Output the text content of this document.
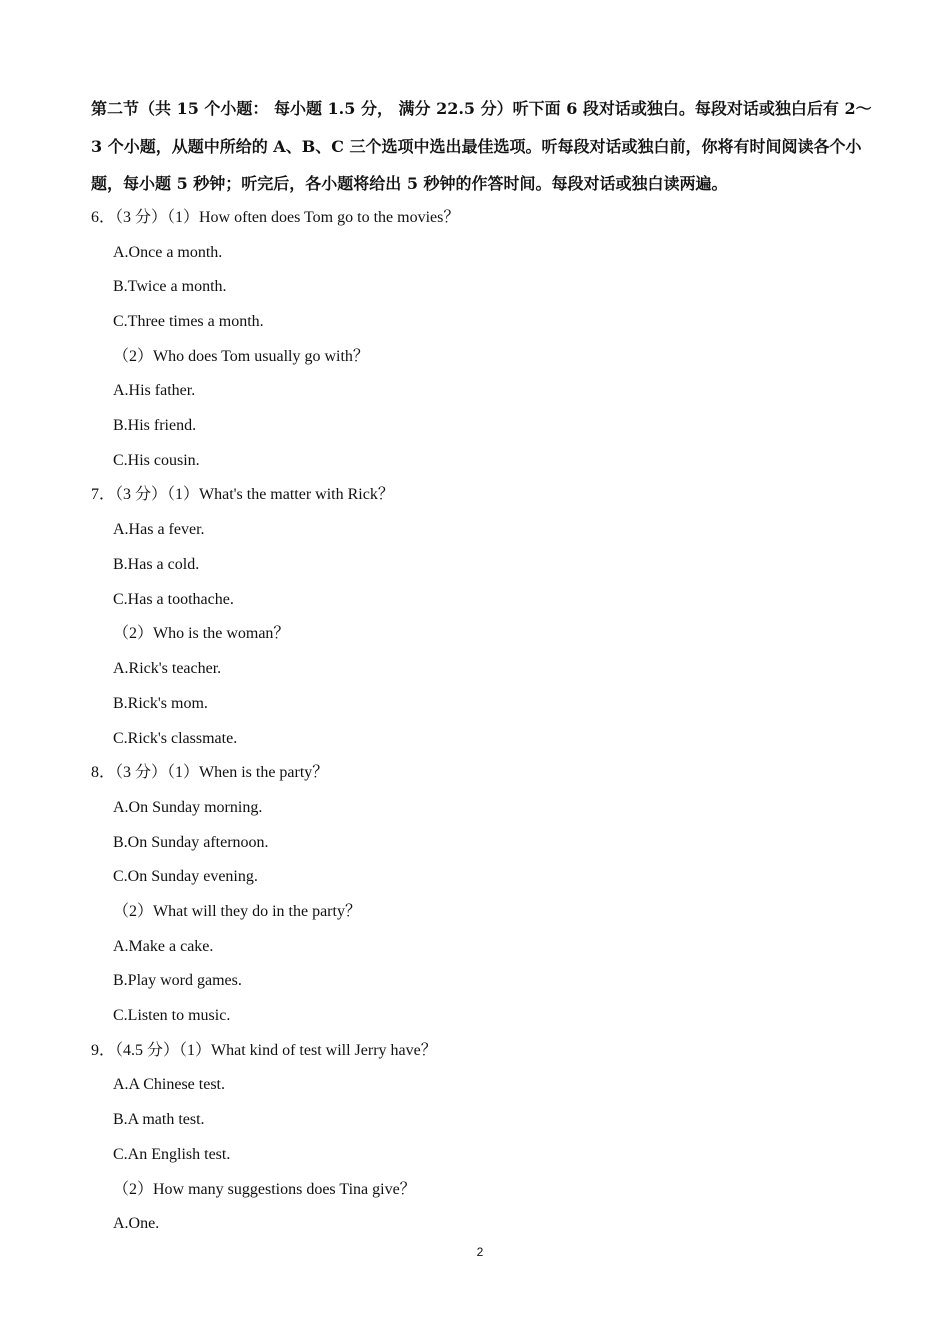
第二节（共 15 个小题： 每小题 1.5 分， 满分 22.5 分）听下面 6 段对话或独白。每段对话或独白后有 2～3 个小题，从题中所给的 A、B、C 三个选项中选出最佳选项。听每段对话或独白前，你将有时间阅读各个小题，每小题 5 秒钟；听完后，各小题将给出 5 秒钟的作答时间。每段对话或独白读两遍。
6．（3 分）（1）How often does Tom go to the movies？
A.Once a month.
B.Twice a month.
C.Three times a month.
（2）Who does Tom usually go with？
A.His father.
B.His friend.
C.His cousin.
7．（3 分）（1）What's the matter with Rick？
A.Has a fever.
B.Has a cold.
C.Has a toothache.
（2）Who is the woman？
A.Rick's teacher.
B.Rick's mom.
C.Rick's classmate.
8．（3 分）（1）When is the party？
A.On Sunday morning.
B.On Sunday afternoon.
C.On Sunday evening.
（2）What will they do in the party？
A.Make a cake.
B.Play word games.
C.Listen to music.
9．（4.5 分）（1）What kind of test will Jerry have？
A.A Chinese test.
B.A math test.
C.An English test.
（2）How many suggestions does Tina give？
A.One.
2
